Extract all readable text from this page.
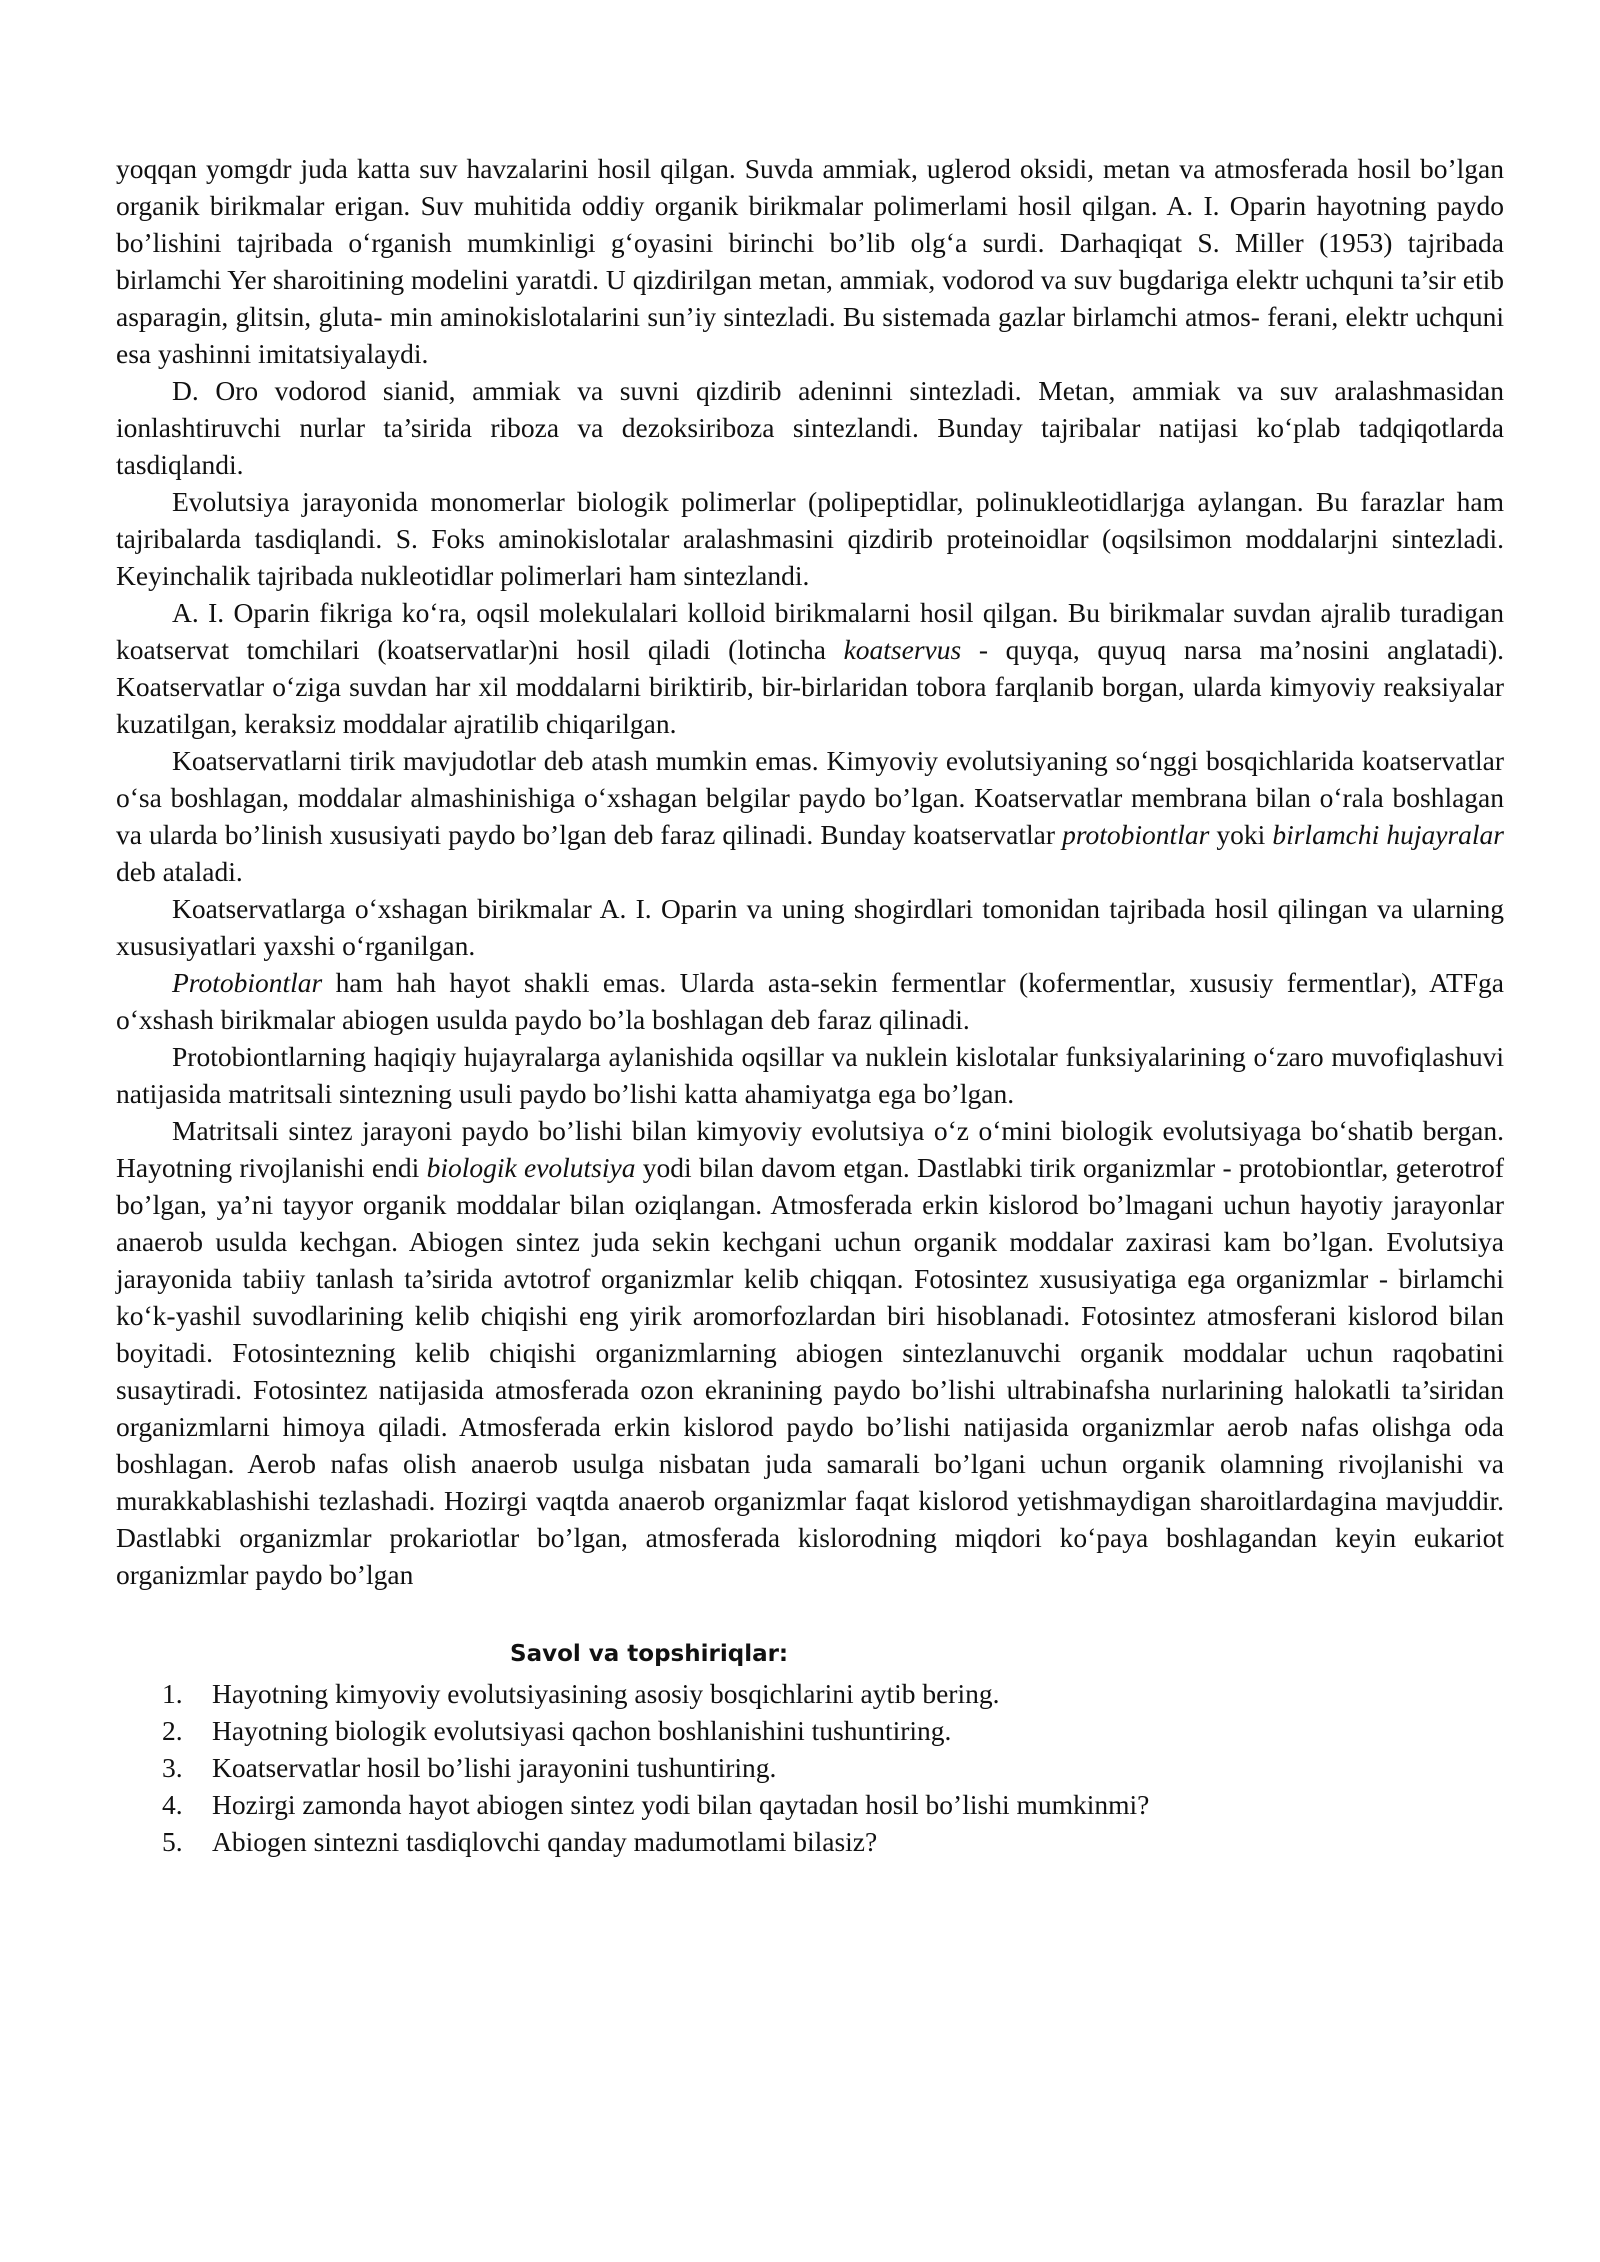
yoqqan yomgdr juda katta suv havzalarini hosil qilgan. Suvda ammiak, uglerod oksidi, metan va atmosferada hosil bo’lgan organik birikmalar erigan. Suv muhitida oddiy organik birikmalar polimerlami hosil qilgan. A. I. Oparin hayotning paydo bo’lishini tajribada o‘rganish mumkinligi g‘oyasini birinchi bo’lib olg‘a surdi. Darhaqiqat S. Miller (1953) tajribada birlamchi Yer sharoitining modelini yaratdi. U qizdirilgan metan, ammiak, vodorod va suv bugdariga elektr uchquni ta’sir etib asparagin, glitsin, gluta- min aminokislotalarini sun’iy sintezladi. Bu sistemada gazlar birlamchi atmos- ferani, elektr uchquni esa yashinni imitatsiyalaydi.

D. Oro vodorod sianid, ammiak va suvni qizdirib adeninni sintezladi. Metan, ammiak va suv aralashmasidan ionlashtiruvchi nurlar ta’sirida riboza va dezoksiriboza sintezlandi. Bunday tajribalar natijasi ko‘plab tadqiqotlarda tasdiqlandi.

Evolutsiya jarayonida monomerlar biologik polimerlar (polipeptidlar, polinukleotidlarjga aylangan. Bu farazlar ham tajribalarda tasdiqlandi. S. Foks aminokislotalar aralashmasini qizdirib proteinoidlar (oqsilsimon moddalarjni sintezladi. Keyinchalik tajribada nukleotidlar polimerlari ham sintezlandi.

A. I. Oparin fikriga ko‘ra, oqsil molekulalari kolloid birikmalarni hosil qilgan. Bu birikmalar suvdan ajralib turadigan koatservat tomchilari (koatservatlar)ni hosil qiladi (lotincha koatservus - quyqa, quyuq narsa ma’nosini anglatadi). Koatservatlar o‘ziga suvdan har xil moddalarni biriktirib, bir-birlaridan tobora farqlanib borgan, ularda kimyoviy reaksiyalar kuzatilgan, keraksiz moddalar ajratilib chiqarilgan.

Koatservatlarni tirik mavjudotlar deb atash mumkin emas. Kimyoviy evolutsiyaning so‘nggi bosqichlarida koatservatlar o‘sa boshlagan, moddalar almashinishiga o‘xshagan belgilar paydo bo’lgan. Koatservatlar membrana bilan o‘rala boshlagan va ularda bo’linish xususiyati paydo bo’lgan deb faraz qilinadi. Bunday koatservatlar protobiontlar yoki birlamchi hujayralar deb ataladi.

Koatservatlarga o‘xshagan birikmalar A. I. Oparin va uning shogirdlari tomonidan tajribada hosil qilingan va ularning xususiyatlari yaxshi o‘rganilgan.

Protobiontlar ham hah hayot shakli emas. Ularda asta-sekin fermentlar (kofermentlar, xususiy fermentlar), ATFga o‘xshash birikmalar abiogen usulda paydo bo’la boshlagan deb faraz qilinadi.

Protobiontlarning haqiqiy hujayralarga aylanishida oqsillar va nuklein kislotalar funksiyalarining o‘zaro muvofiqlashuvi natijasida matritsali sintezning usuli paydo bo’lishi katta ahamiyatga ega bo’lgan.

Matritsali sintez jarayoni paydo bo’lishi bilan kimyoviy evolutsiya o‘z o‘mini biologik evolutsiyaga bo‘shatib bergan. Hayotning rivojlanishi endi biologik evolutsiya yodi bilan davom etgan. Dastlabki tirik organizmlar - protobiontlar, geterotrof bo’lgan, ya’ni tayyor organik moddalar bilan oziqlangan. Atmosferada erkin kislorod bo’lmagani uchun hayotiy jarayonlar anaerob usulda kechgan. Abiogen sintez juda sekin kechgani uchun organik moddalar zaxirasi kam bo’lgan. Evolutsiya jarayonida tabiiy tanlash ta’sirida avtotrof organizmlar kelib chiqqan. Fotosintez xususiyatiga ega organizmlar - birlamchi ko‘k-yashil suvodlarining kelib chiqishi eng yirik aromorfozlardan biri hisoblanadi. Fotosintez atmosferani kislorod bilan boyitadi. Fotosintezning kelib chiqishi organizmlarning abiogen sintezlanuvchi organik moddalar uchun raqobatini susaytiradi. Fotosintez natijasida atmosferada ozon ekranining paydo bo’lishi ultrabinafsha nurlarining halokatli ta’siridan organizmlarni himoya qiladi. Atmosferada erkin kislorod paydo bo’lishi natijasida organizmlar aerob nafas olishga oda boshlagan. Aerob nafas olish anaerob usulga nisbatan juda samarali bo’lgani uchun organik olamning rivojlanishi va murakkablashishi tezlashadi. Hozirgi vaqtda anaerob organizmlar faqat kislorod yetishmaydigan sharoitlardagina mavjuddir. Dastlabki organizmlar prokariotlar bo’lgan, atmosferada kislorodning miqdori ko‘paya boshlagandan keyin eukariot organizmlar paydo bo’lgan

Savol va topshiriqlar:
1. Hayotning kimyoviy evolutsiyasining asosiy bosqichlarini aytib bering.
2. Hayotning biologik evolutsiyasi qachon boshlanishini tushuntiring.
3. Koatservatlar hosil bo’lishi jarayonini tushuntiring.
4. Hozirgi zamonda hayot abiogen sintez yodi bilan qaytadan hosil bo’lishi mumkinmi?
5. Abiogen sintezni tasdiqlovchi qanday madumotlami bilasiz?
